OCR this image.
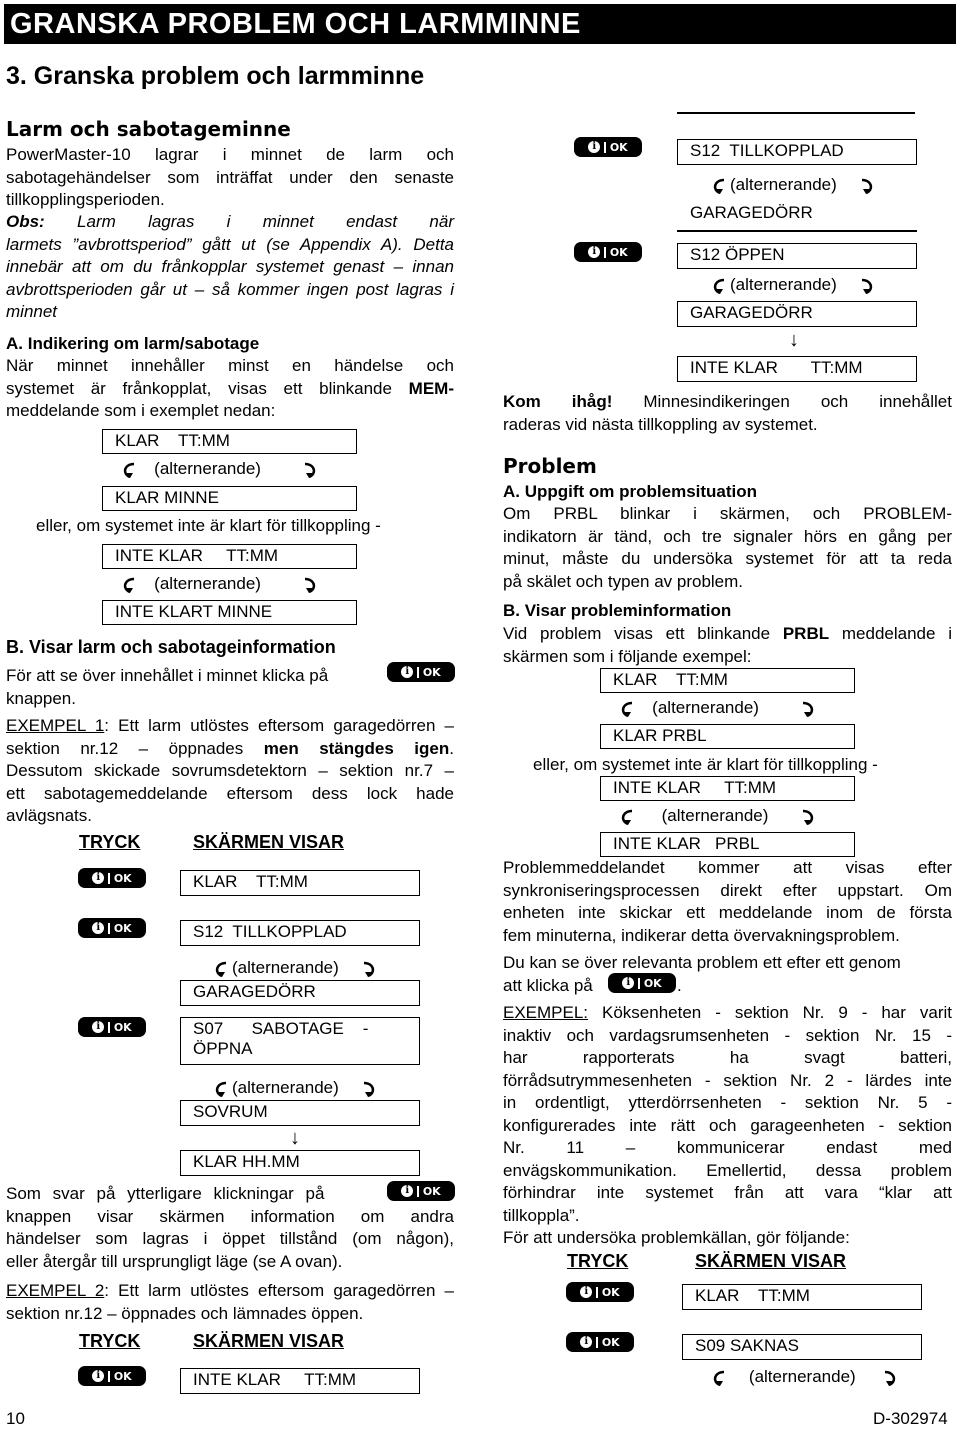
GRANSKA PROBLEM OCH LARMMINNE
3. Granska problem och larmminne
Larm och sabotageminne
PowerMaster-10 lagrar i minnet de larm och
sabotagehändelser som inträffat under den senaste
tillkopplingsperioden.
Obs: Larm lagras i minnet endast när
larmets ”avbrottsperiod” gått ut (se Appendix A). Detta
innebär att om du frånkopplar systemet genast – innan
avbrottsperioden går ut – så kommer ingen post lagras i
minnet
A. Indikering om larm/sabotage
När minnet innehåller minst en händelse och
systemet är frånkopplat, visas ett blinkande MEM-
meddelande som i exemplet nedan:
KLAR    TT:MM
(alternerande)
KLAR MINNE
eller, om systemet inte är klart för tillkoppling -
INTE KLAR     TT:MM
(alternerande)
INTE KLART MINNE
B. Visar larm och sabotageinformation
För att se över innehållet i minnet klicka på	i	OK
knappen.
EXEMPEL 1: Ett larm utlöstes eftersom garagedörren –
sektion nr.12 – öppnades men stängdes igen.
Dessutom skickade sovrumsdetektorn – sektion nr.7 –
ett sabotagemeddelande eftersom dess lock hade
avlägsnats.
TRYCK	SKÄRMEN VISAR
i	OK	KLAR    TT:MM
i	OK	S12  TILLKOPPLAD
(alternerande)
GARAGEDÖRR
i	OK	S07      SABOTAGE    -
ÖPPNA
(alternerande)
SOVRUM
↓
KLAR HH.MM
Som svar på ytterligare klickningar på
knappen visar skärmen information om andra
händelser som lagras i öppet tillstånd (om någon),
eller återgår till ursprungligt läge (se A ovan).
i	OK
EXEMPEL 2: Ett larm utlöstes eftersom garagedörren –
sektion nr.12 – öppnades och lämnades öppen.
TRYCK	SKÄRMEN VISAR
i	OK	INTE KLAR     TT:MM
i	OK	S12  TILLKOPPLAD
(alternerande)
GARAGEDÖRR
i	OK	S12 ÖPPEN
(alternerande)
GARAGEDÖRR
↓
INTE KLAR       TT:MM
Kom ihåg! Minnesindikeringen och innehållet
raderas vid nästa tillkoppling av systemet.
Problem
A. Uppgift om problemsituation
Om PRBL blinkar i skärmen, och PROBLEM-
indikatorn är tänd, och tre signaler hörs en gång per
minut, måste du undersöka systemet för att ta reda
på skälet och typen av problem.
B. Visar probleminformation
Vid problem visas ett blinkande PRBL meddelande i
skärmen som i följande exempel:
KLAR    TT:MM
(alternerande)
KLAR PRBL
eller, om systemet inte är klart för tillkoppling -
INTE KLAR     TT:MM
(alternerande)
INTE KLAR   PRBL
Problemmeddelandet kommer att visas efter
synkroniseringsprocessen direkt efter uppstart. Om
enheten inte skickar ett meddelande inom de första
fem minuterna, indikerar detta övervakningsproblem.
Du kan se över relevanta problem ett efter ett genom
att klicka på	i	OK .
EXEMPEL: Köksenheten - sektion Nr. 9 - har varit
inaktiv och vardagsrumsenheten - sektion Nr. 15 -
har rapporterats ha svagt batteri,
förrådsutrymmesenheten - sektion Nr. 2 - lärdes inte
in ordentligt, ytterdörrsenheten - sektion Nr. 5 -
konfigurerades inte rätt och garageenheten - sektion
Nr. 11 – kommunicerar endast med
envägskommunikation. Emellertid, dessa problem
förhindrar inte systemet från att vara “klar att
tillkoppla”.
För att undersöka problemkällan, gör följande:
TRYCK	SKÄRMEN VISAR
i	OK	KLAR    TT:MM
i	OK	S09 SAKNAS
(alternerande)
10	D-302974
